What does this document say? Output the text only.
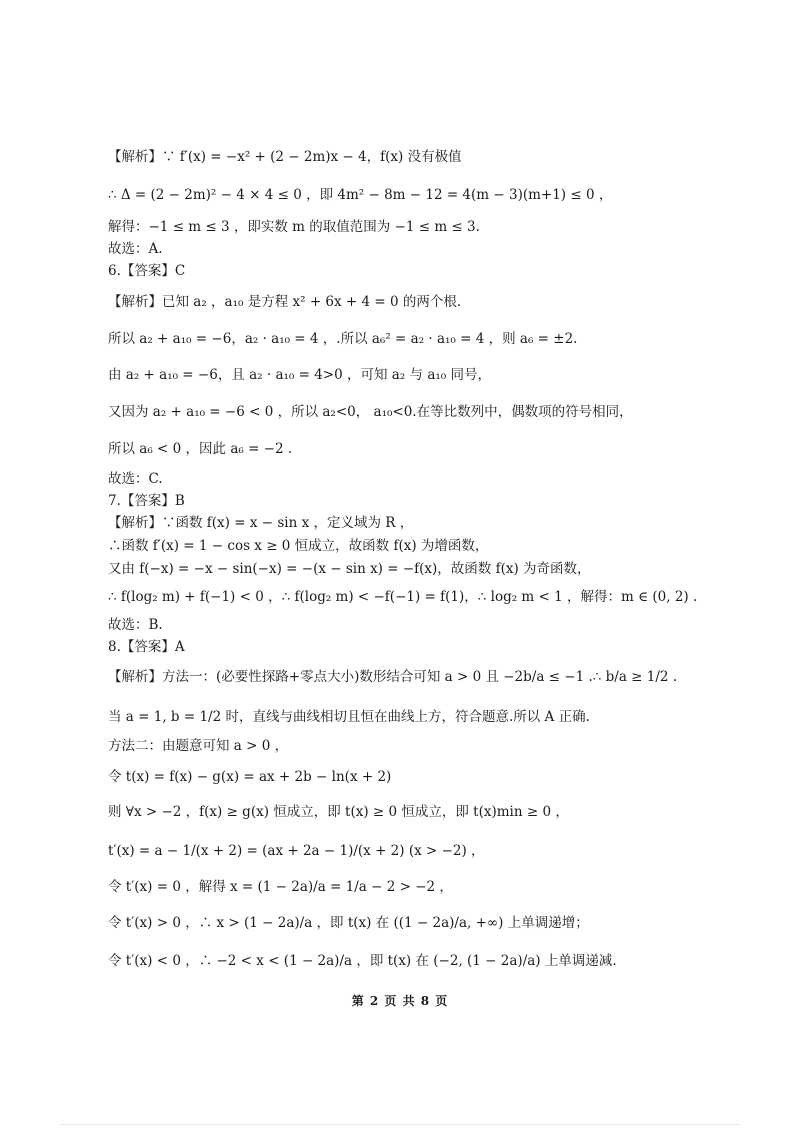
【解析】∵ f′(x) = −x² + (2 − 2m)x − 4，f(x) 没有极值
∴ Δ = (2 − 2m)² − 4 × 4 ≤ 0 ，即 4m² − 8m − 12 = 4(m − 3)(m+1) ≤ 0 ，
解得：−1 ≤ m ≤ 3 ，即实数 m 的取值范围为 −1 ≤ m ≤ 3.
故选：A.
6.【答案】C
【解析】已知 a₂ ，a₁₀ 是方程 x² + 6x + 4 = 0 的两个根.
所以 a₂ + a₁₀ = −6，a₂ · a₁₀ = 4 ，.所以 a₆² = a₂ · a₁₀ = 4 ，则 a₆ = ±2.
由 a₂ + a₁₀ = −6，且 a₂ · a₁₀ = 4>0 ，可知 a₂ 与 a₁₀ 同号，
又因为 a₂ + a₁₀ = −6 < 0 ，所以 a₂<0， a₁₀<0.在等比数列中，偶数项的符号相同，
所以 a₆ < 0 ，因此 a₆ = −2 .
故选：C.
7.【答案】B
【解析】∵函数 f(x) = x − sin x ，定义域为 R ，
∴函数 f′(x) = 1 − cos x ≥ 0 恒成立，故函数 f(x) 为增函数，
又由 f(−x) = −x − sin(−x) = −(x − sin x) = −f(x)，故函数 f(x) 为奇函数，
∴ f(log₂ m) + f(−1) < 0 ，∴ f(log₂ m) < −f(−1) = f(1)，∴ log₂ m < 1 ，解得：m ∈ (0, 2) .
故选：B.
8.【答案】A
【解析】方法一：(必要性探路+零点大小)数形结合可知 a > 0 且 −2b/a ≤ −1 .∴ b/a ≥ 1/2 .
当 a = 1, b = 1/2 时，直线与曲线相切且恒在曲线上方，符合题意.所以 A 正确.
方法二：由题意可知 a > 0 ，
令 t(x) = f(x) − g(x) = ax + 2b − ln(x + 2)
则 ∀x > −2 ，f(x) ≥ g(x) 恒成立，即 t(x) ≥ 0 恒成立，即 t(x)min ≥ 0 ，
t′(x) = a − 1/(x + 2) = (ax + 2a − 1)/(x + 2) (x > −2) ，
令 t′(x) = 0 ，解得 x = (1 − 2a)/a = 1/a − 2 > −2 ，
令 t′(x) > 0 ，∴ x > (1 − 2a)/a ，即 t(x) 在 ((1 − 2a)/a, +∞) 上单调递增；
令 t′(x) < 0 ，∴ −2 < x < (1 − 2a)/a ，即 t(x) 在 (−2, (1 − 2a)/a) 上单调递减.
第 2 页 共 8 页
